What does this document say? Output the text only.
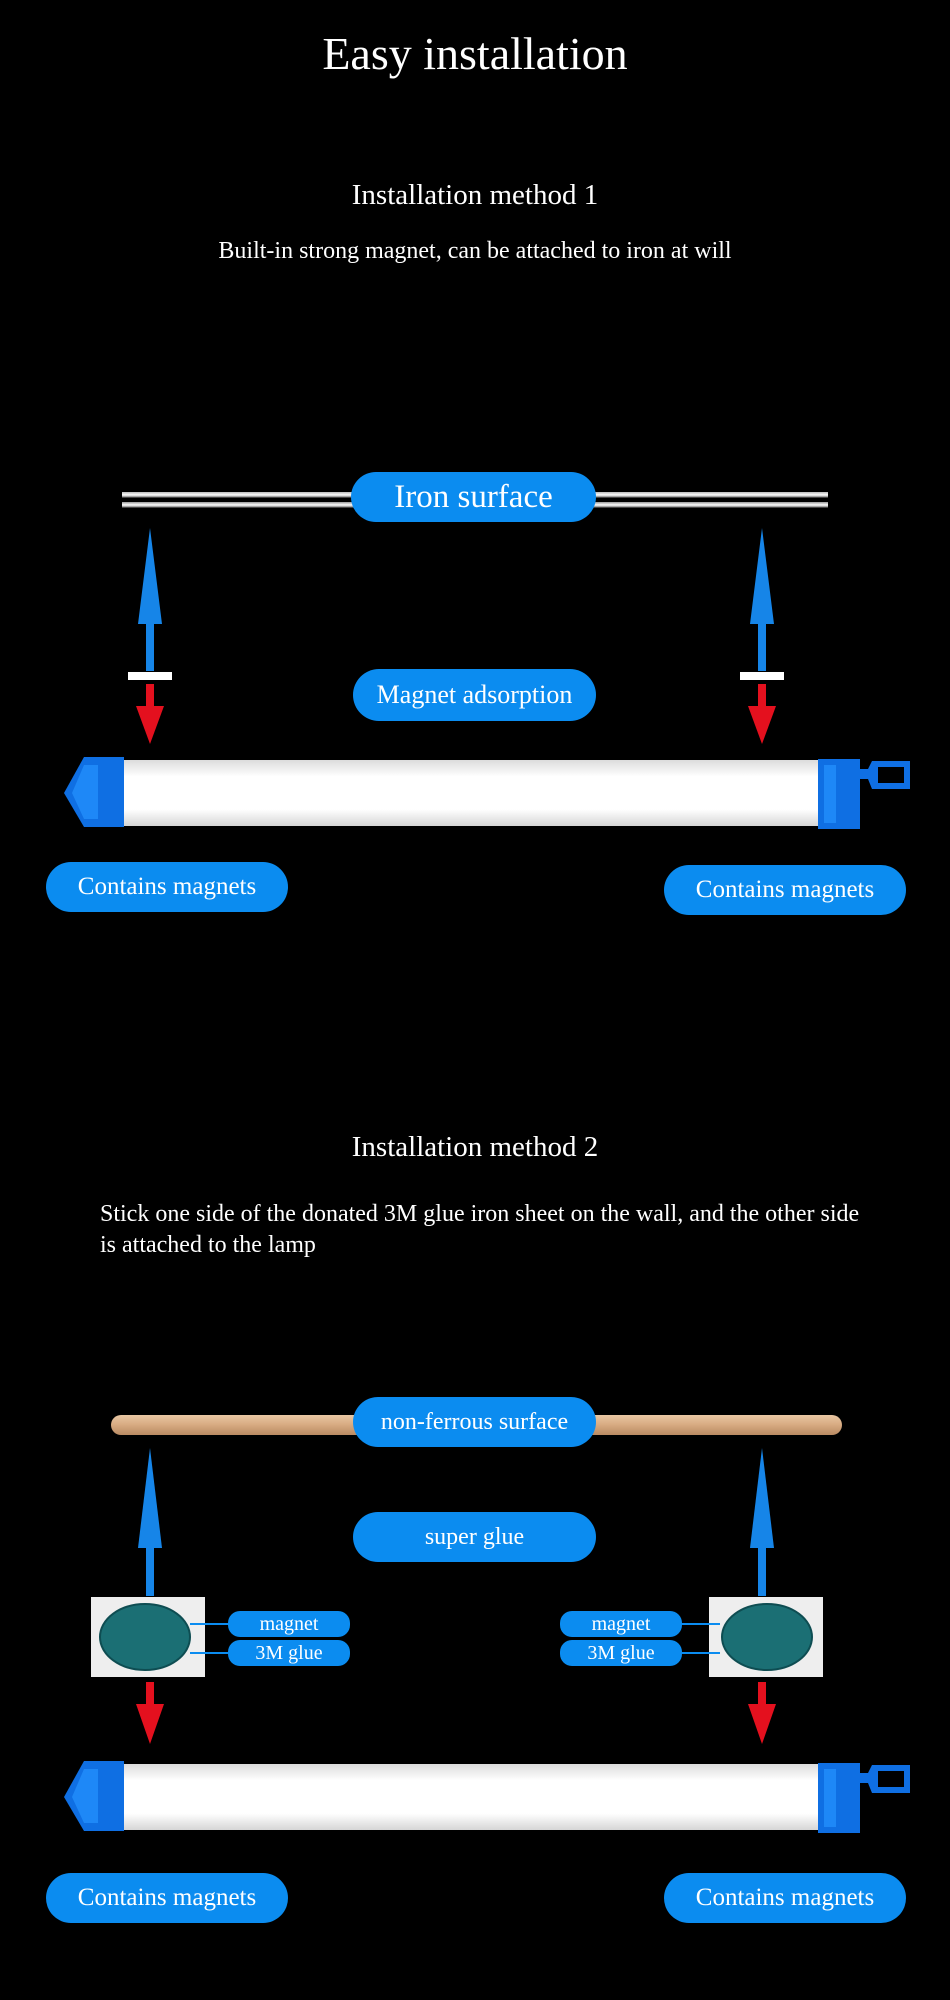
Easy installation
Installation method 1
Built-in strong magnet, can be attached to iron at will
Iron surface
Magnet adsorption
Contains magnets	Contains magnets
Installation method 2
Stick one side of the donated 3M glue iron sheet on the wall, and the other side is attached to the lamp
non-ferrous surface
super glue
magnet
3M glue
magnet
3M glue
Contains magnets	Contains magnets
